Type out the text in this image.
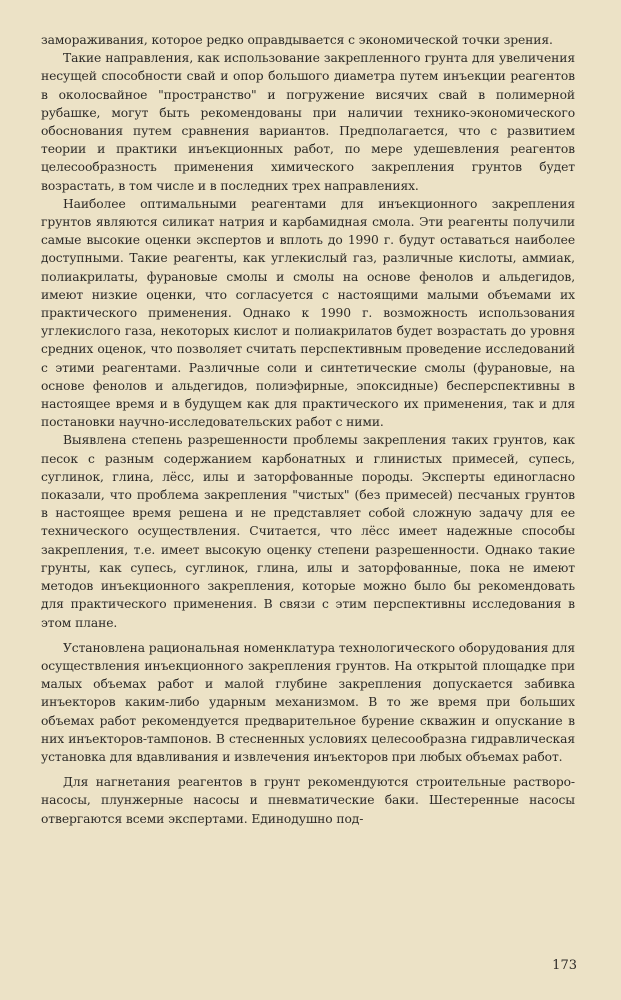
замораживания, которое редко оправдывается с экономической точки зрения.

Такие направления, как использование закрепленного грунта для увеличения несущей способности свай и опор большого диаметра путем инъекции реагентов в околосвайное "пространство" и погружение висячих свай в полимерной рубашке, могут быть рекомендованы при наличии технико-экономического обоснования путем сравнения вариантов. Предполагается, что с развитием теории и практики инъекционных работ, по мере удешевления реагентов целесообразность применения химического закрепления грунтов будет возрастать, в том числе и в последних трех направлениях.

Наиболее оптимальными реагентами для инъекционного закрепления грунтов являются силикат натрия и карбамидная смола. Эти реагенты получили самые высокие оценки экспертов и вплоть до 1990 г. будут оставаться наиболее доступными. Такие реагенты, как углекислый газ, различные кислоты, аммиак, полиакрилаты, фурановые смолы и смолы на основе фенолов и альдегидов, имеют низкие оценки, что согласуется с настоящими малыми объемами их практического применения. Однако к 1990 г. возможность использования углекислого газа, некоторых кислот и полиакрилатов будет возрастать до уровня средних оценок, что позволяет считать перспективным проведение исследований с этими реагентами. Различные соли и синтетические смолы (фурановые, на основе фенолов и альдегидов, полиэфирные, эпоксидные) бесперспективны в настоящее время и в будущем как для практического их применения, так и для постановки научно-исследовательских работ с ними.

Выявлена степень разрешенности проблемы закрепления таких грунтов, как песок с разным содержанием карбонатных и глинистых примесей, супесь, суглинок, глина, лёсс, илы и заторфованные породы. Эксперты единогласно показали, что проблема закрепления "чистых" (без примесей) песчаных грунтов в настоящее время решена и не представляет собой сложную задачу для ее технического осуществления. Считается, что лёсс имеет надежные способы закрепления, т.е. имеет высокую оценку степени разрешенности. Однако такие грунты, как супесь, суглинок, глина, илы и заторфованные, пока не имеют методов инъекционного закрепления, которые можно было бы рекомендовать для практического применения. В связи с этим перспективны исследования в этом плане.

Установлена рациональная номенклатура технологического оборудования для осуществления инъекционного закрепления грунтов. На открытой площадке при малых объемах работ и малой глубине закрепления допускается забивка инъекторов каким-либо ударным механизмом. В то же время при больших объемах работ рекомендуется предварительное бурение скважин и опускание в них инъекторов-тампонов. В стесненных условиях целесообразна гидравлическая установка для вдавливания и извлечения инъекторов при любых объемах работ.

Для нагнетания реагентов в грунт рекомендуются строительные растворо-насосы, плунжерные насосы и пневматические баки. Шестеренные насосы отвергаются всеми экспертами. Единодушно под-

173
